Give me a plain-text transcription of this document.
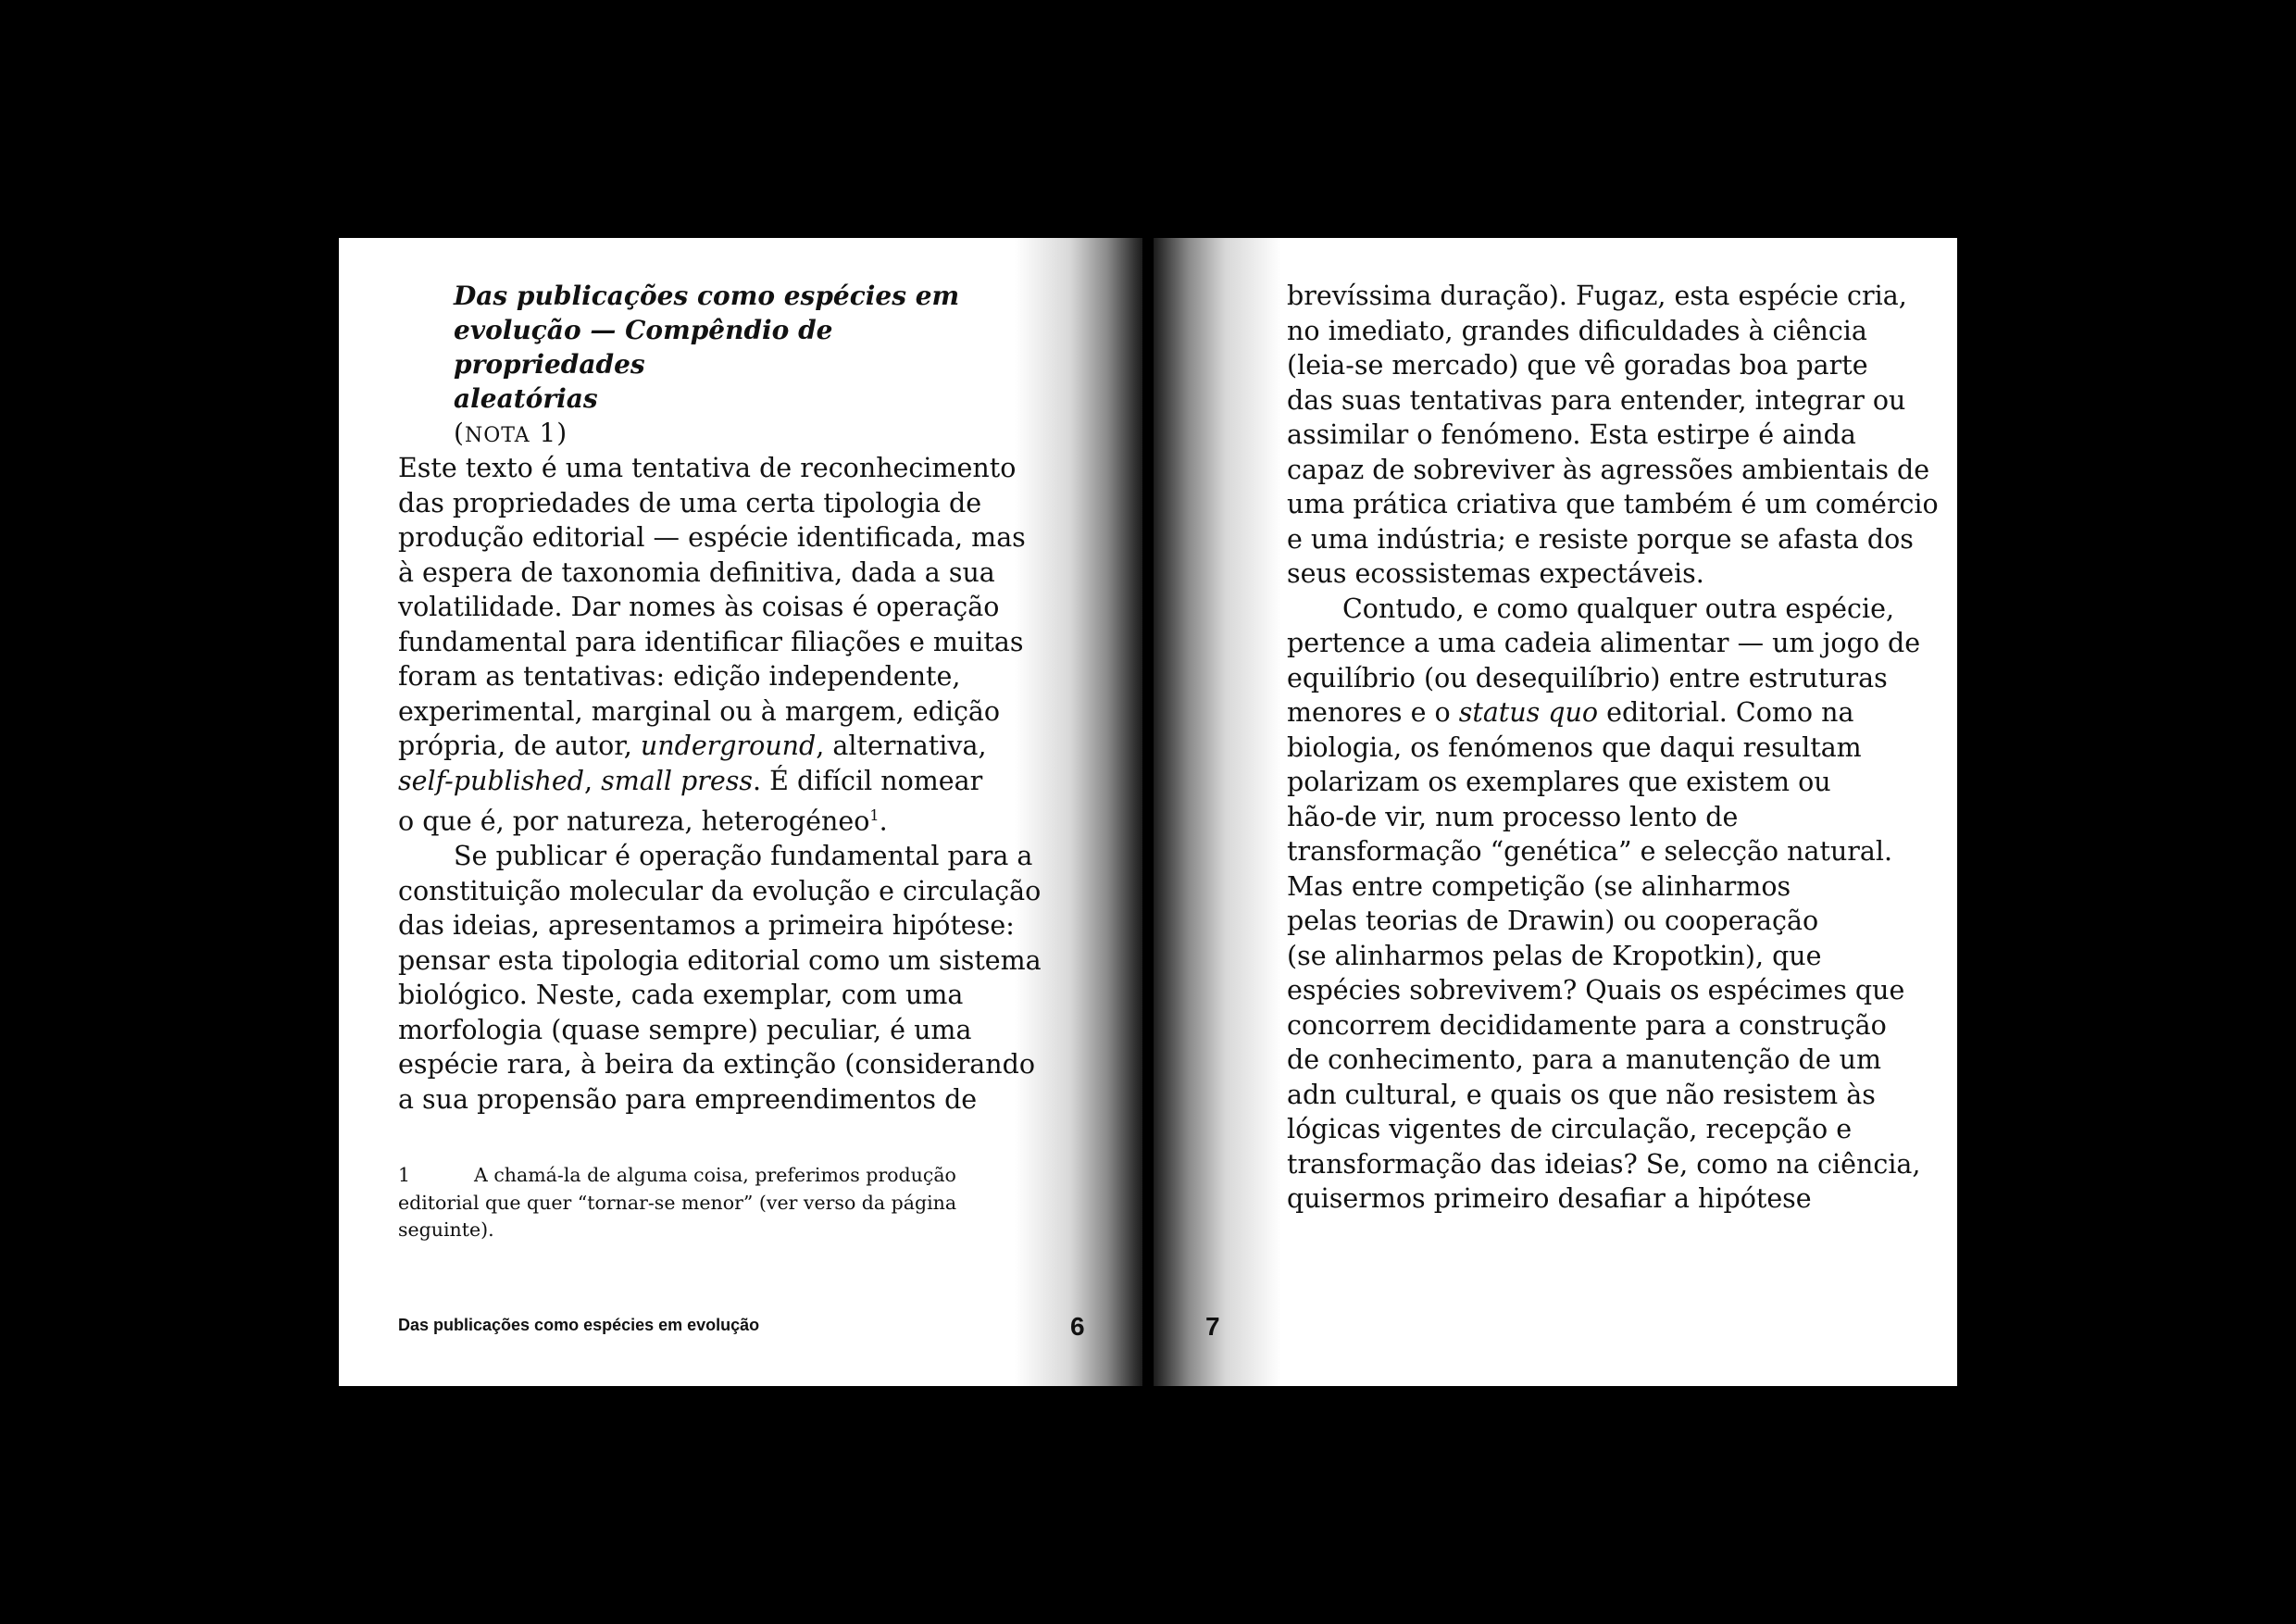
Das publicações como espécies em
evolução — Compêndio de propriedades
aleatórias
(NOTA 1)
Este texto é uma tentativa de reconhecimento
das propriedades de uma certa tipologia de
produção editorial — espécie identificada, mas
à espera de taxonomia definitiva, dada a sua
volatilidade. Dar nomes às coisas é operação
fundamental para identificar filiações e muitas
foram as tentativas: edição independente,
experimental, marginal ou à margem, edição
própria, de autor, underground, alternativa,
self-published, small press. É difícil nomear
o que é, por natureza, heterogéneo$^1$.
Se publicar é operação fundamental para a
constituição molecular da evolução e circulação
das ideias, apresentamos a primeira hipótese:
pensar esta tipologia editorial como um sistema
biológico. Neste, cada exemplar, com uma
morfologia (quase sempre) peculiar, é uma
espécie rara, à beira da extinção (considerando
a sua propensão para empreendimentos de
1	A chamá-la de alguma coisa, preferimos produção
editorial que quer “tornar-se menor” (ver verso da página
seguinte).
Das publicações como espécies em evolução	6
brevíssima duração). Fugaz, esta espécie cria,
no imediato, grandes dificuldades à ciência
(leia-se mercado) que vê goradas boa parte
das suas tentativas para entender, integrar ou
assimilar o fenómeno. Esta estirpe é ainda
capaz de sobreviver às agressões ambientais de
uma prática criativa que também é um comércio
e uma indústria; e resiste porque se afasta dos
seus ecossistemas expectáveis.
Contudo, e como qualquer outra espécie,
pertence a uma cadeia alimentar — um jogo de
equilíbrio (ou desequilíbrio) entre estruturas
menores e o status quo editorial. Como na
biologia, os fenómenos que daqui resultam
polarizam os exemplares que existem ou
hão-de vir, num processo lento de
transformação “genética” e selecção natural.
Mas entre competição (se alinharmos
pelas teorias de Drawin) ou cooperação
(se alinharmos pelas de Kropotkin), que
espécies sobrevivem? Quais os espécimes que
concorrem decididamente para a construção
de conhecimento, para a manutenção de um
adn cultural, e quais os que não resistem às
lógicas vigentes de circulação, recepção e
transformação das ideias? Se, como na ciência,
quisermos primeiro desafiar a hipótese
7
